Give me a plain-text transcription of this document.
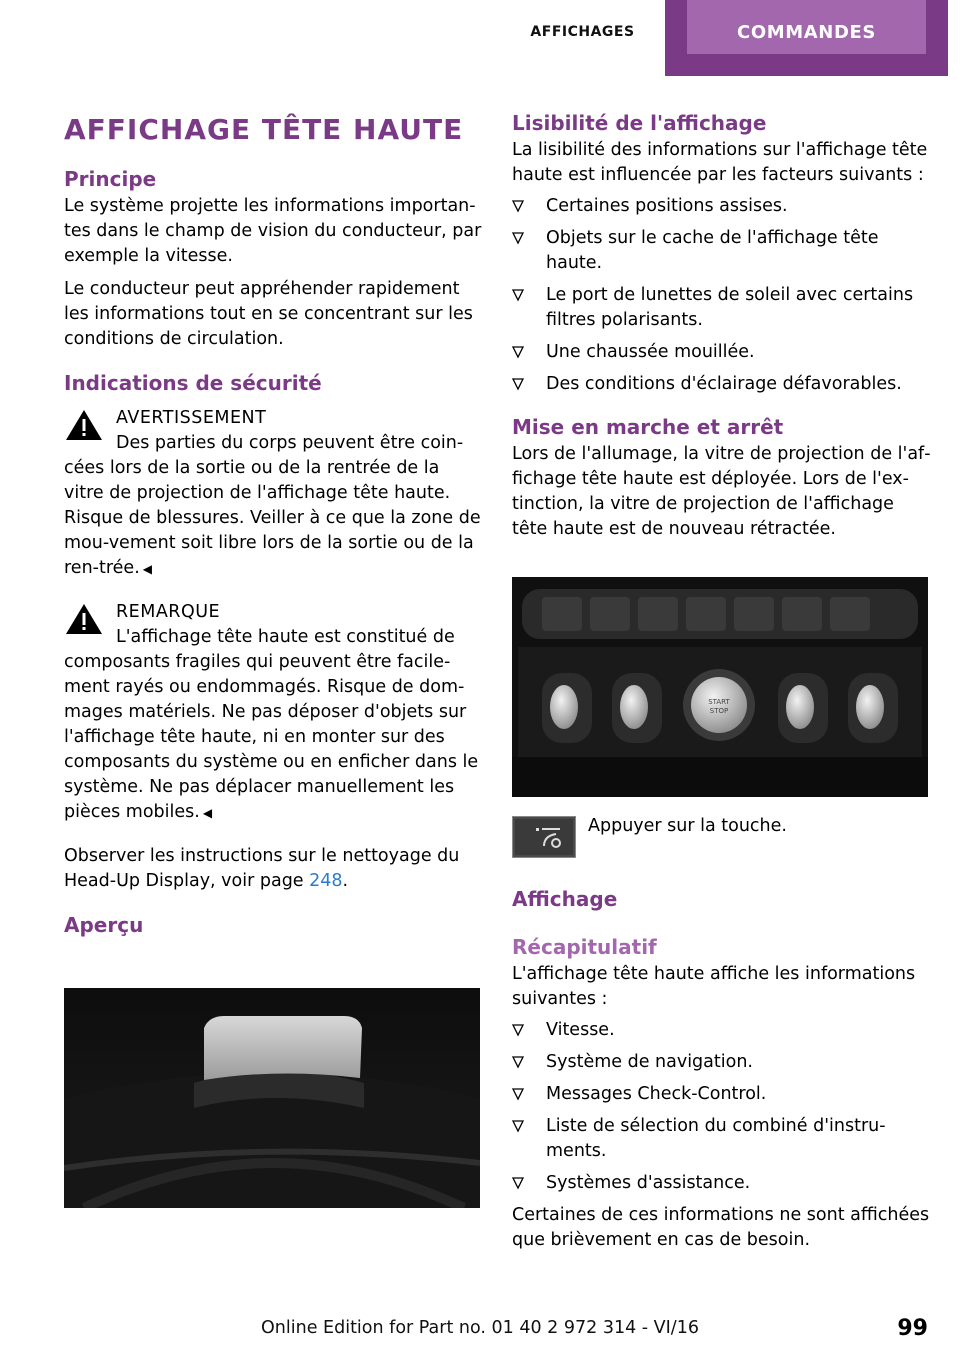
AFFICHAGES	COMMANDES
AFFICHAGE TÊTE HAUTE
Principe

Le système projette les informations importan‐tes dans le champ de vision du conducteur, par exemple la vitesse.

Le conducteur peut appréhender rapidement les informations tout en se concentrant sur les conditions de circulation.

Indications de sécurité

AVERTISSEMENT

Des parties du corps peuvent être coin‐

cées lors de la sortie ou de la rentrée de la vitre de projection de l'affichage tête haute. Risque de blessures. Veiller à ce que la zone de mou‐vement soit libre lors de la sortie ou de la ren‐trée. ◀

REMARQUE

L'affichage tête haute est constitué de

composants fragiles qui peuvent être facile‐ment rayés ou endommagés. Risque de dom‐mages matériels. Ne pas déposer d'objets sur l'affichage tête haute, ni en monter sur des composants du système ou en enficher dans le système. Ne pas déplacer manuellement les pièces mobiles. ◀

Observer les instructions sur le nettoyage du Head-Up Display, voir page 248.

Aperçu
Lisibilité de l'affichage

La lisibilité des informations sur l'affichage tête haute est influencée par les facteurs suivants :

Certaines positions assises.
Objets sur le cache de l'affichage tête haute.
Le port de lunettes de soleil avec certains filtres polarisants.
Une chaussée mouillée.
Des conditions d'éclairage défavorables.
Mise en marche et arrêt

Lors de l'allumage, la vitre de projection de l'af‐fichage tête haute est déployée. Lors de l'ex‐tinction, la vitre de projection de l'affichage tête haute est de nouveau rétractée.

START
STOP

Appuyer sur la touche.

Affichage
Récapitulatif

L'affichage tête haute affiche les informations suivantes :

Vitesse.
Système de navigation.
Messages Check-Control.
Liste de sélection du combiné d'instru‐ments.
Systèmes d'assistance.

Certaines de ces informations ne sont affichées que brièvement en cas de besoin.

Online Edition for Part no. 01 40 2 972 314 - VI/16	99
